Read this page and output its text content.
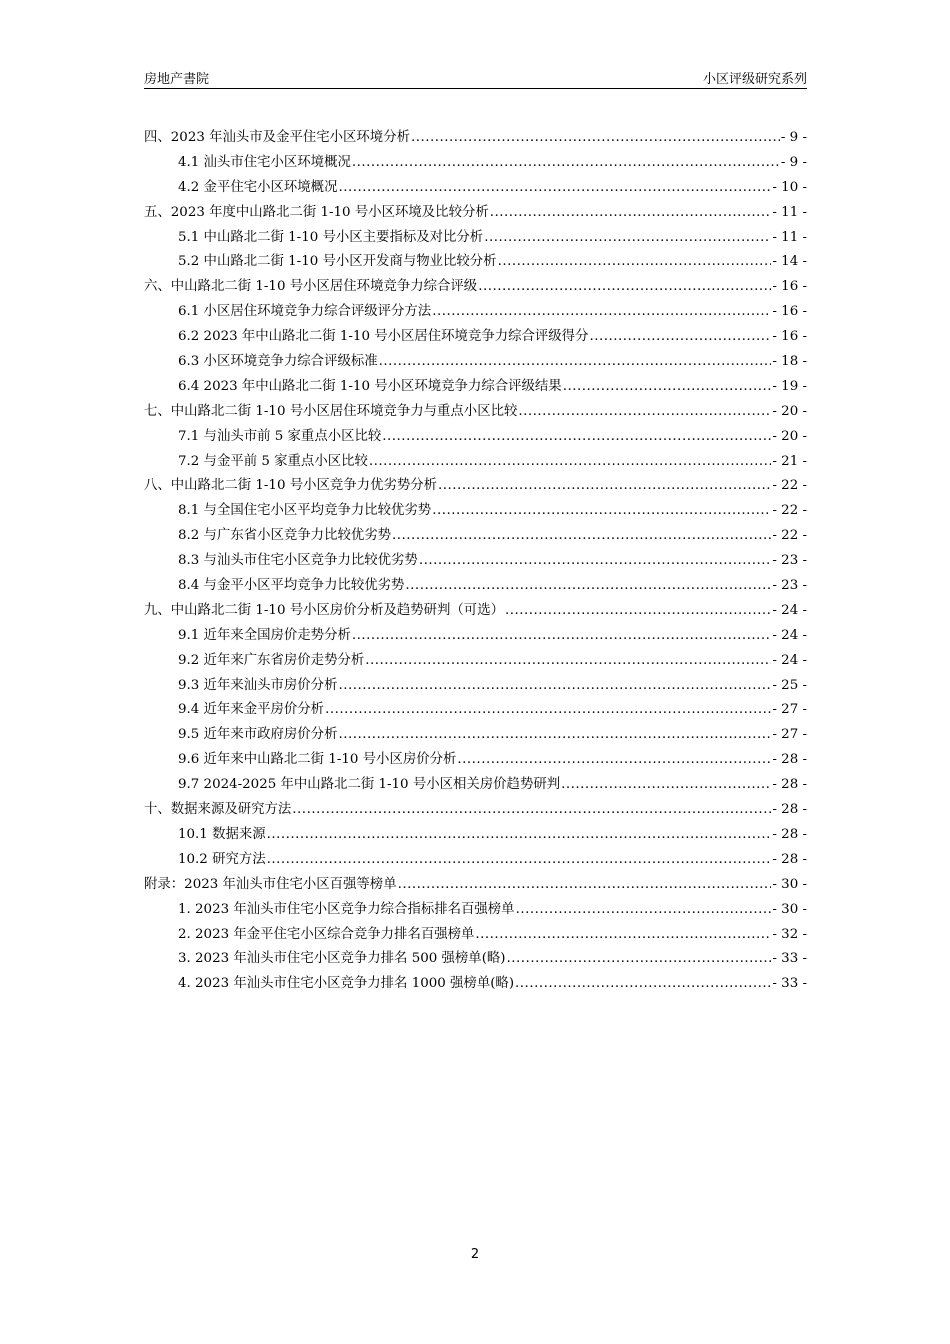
房地产書院	小区评级研究系列
四、2023 年汕头市及金平住宅小区环境分析 .....	- 9 -
4.1 汕头市住宅小区环境概况 .....	- 9 -
4.2 金平住宅小区环境概况 .....	- 10 -
五、2023 年度中山路北二街 1-10 号小区环境及比较分析 .....	- 11 -
5.1 中山路北二街 1-10 号小区主要指标及对比分析 .....	- 11 -
5.2 中山路北二街 1-10 号小区开发商与物业比较分析 .....	- 14 -
六、中山路北二街 1-10 号小区居住环境竞争力综合评级 .....	- 16 -
6.1 小区居住环境竞争力综合评级评分方法 .....	- 16 -
6.2 2023 年中山路北二街 1-10 号小区居住环境竞争力综合评级得分 .....	- 16 -
6.3 小区环境竞争力综合评级标准 .....	- 18 -
6.4 2023 年中山路北二街 1-10 号小区环境竞争力综合评级结果 .....	- 19 -
七、中山路北二街 1-10 号小区居住环境竞争力与重点小区比较 .....	- 20 -
7.1 与汕头市前 5 家重点小区比较 .....	- 20 -
7.2 与金平前 5 家重点小区比较 .....	- 21 -
八、中山路北二街 1-10 号小区竞争力优劣势分析 .....	- 22 -
8.1 与全国住宅小区平均竞争力比较优劣势 .....	- 22 -
8.2 与广东省小区竞争力比较优劣势 .....	- 22 -
8.3 与汕头市住宅小区竞争力比较优劣势 .....	- 23 -
8.4 与金平小区平均竞争力比较优劣势 .....	- 23 -
九、中山路北二街 1-10 号小区房价分析及趋势研判（可选） .....	- 24 -
9.1 近年来全国房价走势分析 .....	- 24 -
9.2 近年来广东省房价走势分析 .....	- 24 -
9.3 近年来汕头市房价分析 .....	- 25 -
9.4 近年来金平房价分析 .....	- 27 -
9.5 近年来市政府房价分析 .....	- 27 -
9.6 近年来中山路北二街 1-10 号小区房价分析 .....	- 28 -
9.7 2024-2025 年中山路北二街 1-10 号小区相关房价趋势研判 .....	- 28 -
十、数据来源及研究方法 .....	- 28 -
10.1 数据来源 .....	- 28 -
10.2 研究方法 .....	- 28 -
附录：2023 年汕头市住宅小区百强等榜单 .....	- 30 -
1. 2023 年汕头市住宅小区竞争力综合指标排名百强榜单 .....	- 30 -
2. 2023 年金平住宅小区综合竞争力排名百强榜单 .....	- 32 -
3. 2023 年汕头市住宅小区竞争力排名 500 强榜单(略) .....	- 33 -
4. 2023 年汕头市住宅小区竞争力排名 1000 强榜单(略) .....	- 33 -
2
